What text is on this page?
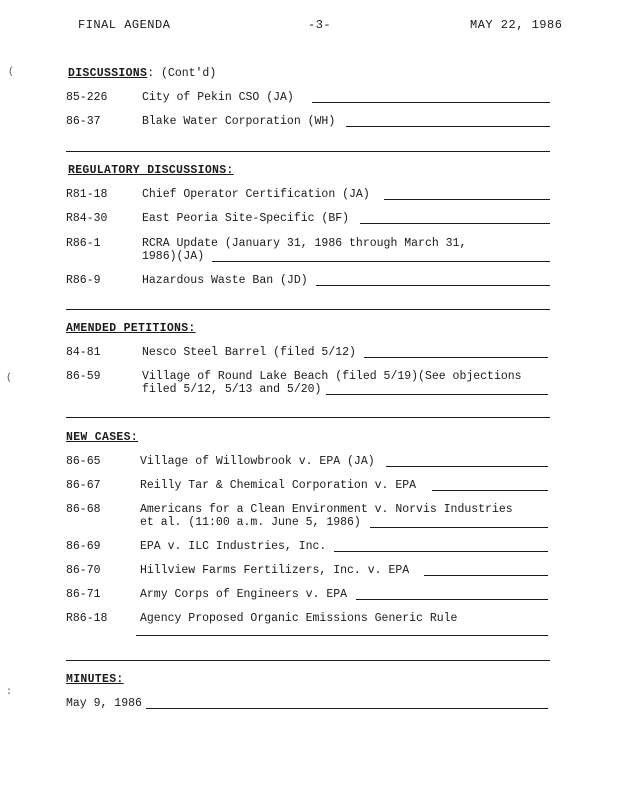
FINAL AGENDA	-3-	MAY 22, 1986
(	DISCUSSIONS: (Cont'd)
85-226	City of Pekin CSO (JA)
86-37	Blake Water Corporation (WH)
REGULATORY DISCUSSIONS:
R81-18	Chief Operator Certification (JA)
R84-30	East Peoria Site-Specific (BF)
R86-1	RCRA Update (January 31, 1986 through March 31,
1986)(JA)
R86-9	Hazardous Waste Ban (JD)
AMENDED PETITIONS:
84-81	Nesco Steel Barrel (filed 5/12)
(	86-59	Village of Round Lake Beach (filed 5/19)(See objections
filed 5/12, 5/13 and 5/20)
NEW CASES:
86-65	Village of Willowbrook v. EPA (JA)
86-67	Reilly Tar & Chemical Corporation v. EPA
86-68	Americans for a Clean Environment v. Norvis Industries
et al. (11:00 a.m. June 5, 1986)
86-69	EPA v. ILC Industries, Inc.
86-70	Hillview Farms Fertilizers, Inc. v. EPA
86-71	Army Corps of Engineers v. EPA
R86-18	Agency Proposed Organic Emissions Generic Rule
:
MINUTES:
May 9, 1986
